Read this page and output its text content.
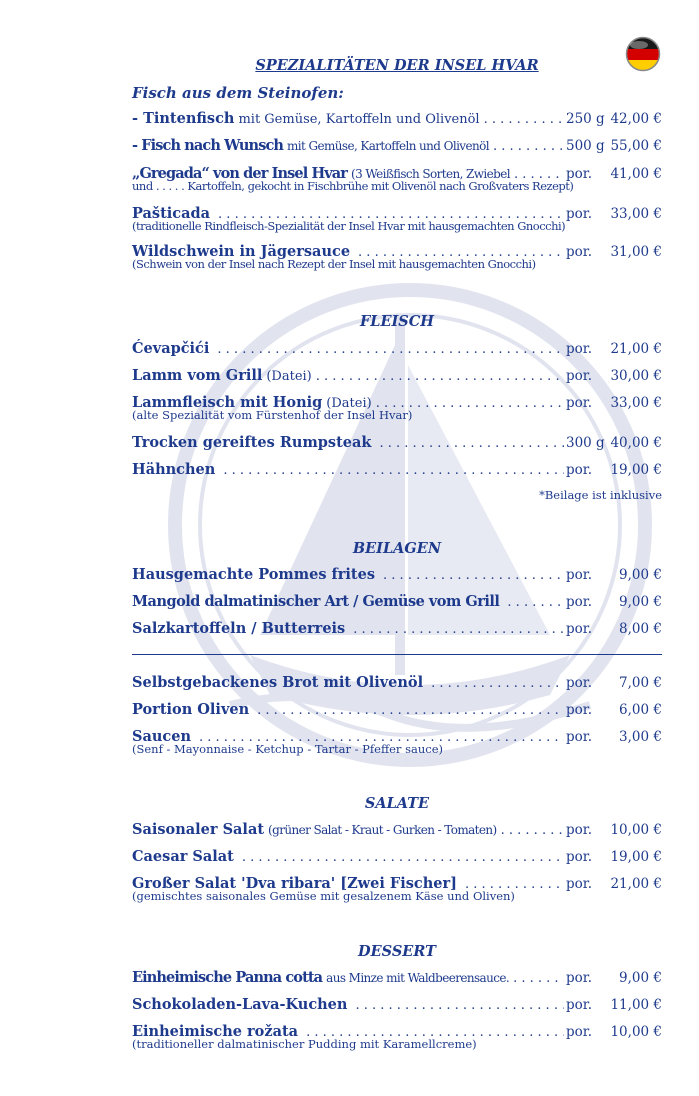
SPEZIALITÄTEN DER INSEL HVAR
Fisch aus dem Steinofen:
- Tintenfisch mit Gemüse, Kartoffeln und Olivenöl . . .	250 g 42,00 €
- Fisch nach Wunsch mit Gemüse, Kartoffeln und Olivenöl . . .	500 g 55,00 €
„Gregada“ von der Insel Hvar (3 Weißfisch Sorten, Zwiebel . . .	por.	41,00 €
und . . . . . Kartoffeln, gekocht in Fischbrühe mit Olivenöl nach Großvaters Rezept)
Pašticada . . .	por.	33,00 €
(traditionelle Rindfleisch-Spezialität der Insel Hvar mit hausgemachten Gnocchi)
Wildschwein in Jägersauce . . .	por.	31,00 €
(Schwein von der Insel nach Rezept der Insel mit hausgemachten Gnocchi)
FLEISCH
Ćevapčići . . .	por.	21,00 €
Lamm vom Grill (Datei) . . .	por.	30,00 €
Lammfleisch mit Honig (Datei) . . .	por.	33,00 €
(alte Spezialität vom Fürstenhof der Insel Hvar)
Trocken gereiftes Rumpsteak . . .	300 g 40,00 €
Hähnchen . . .	por.	19,00 €
*Beilage ist inklusive
BEILAGEN
Hausgemachte Pommes frites . . .	por.	9,00 €
Mangold dalmatinischer Art / Gemüse vom Grill . . .	por.	9,00 €
Salzkartoffeln / Butterreis . . .	por.	8,00 €
Selbstgebackenes Brot mit Olivenöl . . .	por.	7,00 €
Portion Oliven . . .	por.	6,00 €
Saucen . . .	por.	3,00 €
(Senf - Mayonnaise - Ketchup - Tartar - Pfeffer sauce)
SALATE
Saisonaler Salat (grüner Salat - Kraut - Gurken - Tomaten) . . .	por.	10,00 €
Caesar Salat . . .	por.	19,00 €
Großer Salat 'Dva ribara' [Zwei Fischer] . . .	por.	21,00 €
(gemischtes saisonales Gemüse mit gesalzenem Käse und Oliven)
DESSERT
Einheimische Panna cotta aus Minze mit Waldbeerensauce. . . .	por.	9,00 €
Schokoladen-Lava-Kuchen . . .	por.	11,00 €
Einheimische rožata . . .	por.	10,00 €
(traditioneller dalmatinischer Pudding mit Karamellcreme)
